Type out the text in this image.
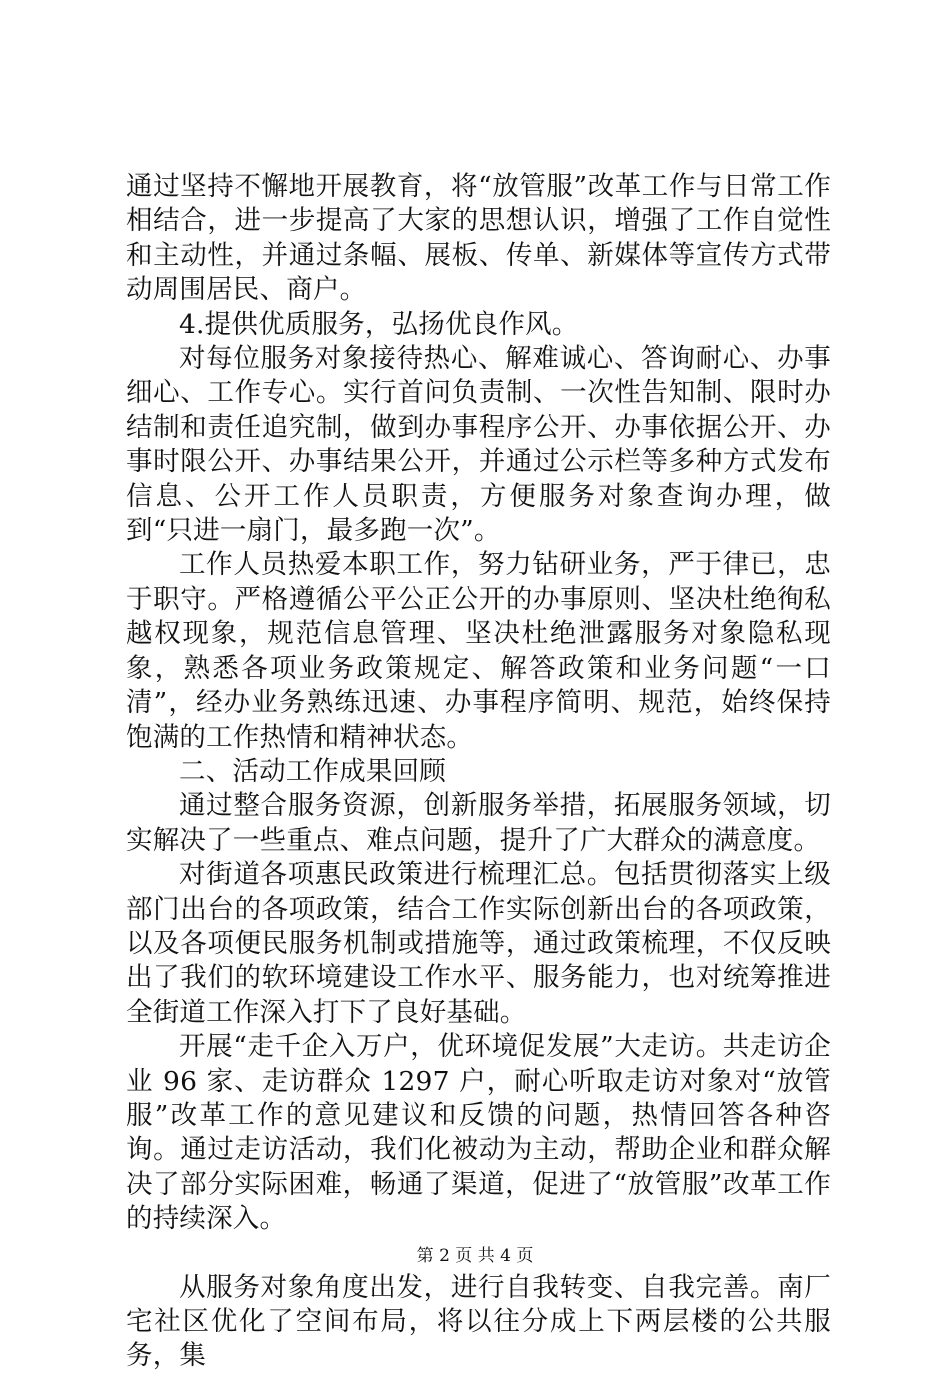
通过坚持不懈地开展教育，将“放管服”改革工作与日常工作相结合，进一步提高了大家的思想认识，增强了工作自觉性和主动性，并通过条幅、展板、传单、新媒体等宣传方式带动周围居民、商户。

4.提供优质服务，弘扬优良作风。

对每位服务对象接待热心、解难诚心、答询耐心、办事细心、工作专心。实行首问负责制、一次性告知制、限时办结制和责任追究制，做到办事程序公开、办事依据公开、办事时限公开、办事结果公开，并通过公示栏等多种方式发布信息、公开工作人员职责，方便服务对象查询办理，做到“只进一扇门，最多跑一次”。

工作人员热爱本职工作，努力钻研业务，严于律已，忠于职守。严格遵循公平公正公开的办事原则、坚决杜绝徇私越权现象，规范信息管理、坚决杜绝泄露服务对象隐私现象，熟悉各项业务政策规定、解答政策和业务问题“一口清”，经办业务熟练迅速、办事程序简明、规范，始终保持饱满的工作热情和精神状态。

二、活动工作成果回顾

通过整合服务资源，创新服务举措，拓展服务领域，切实解决了一些重点、难点问题，提升了广大群众的满意度。

对街道各项惠民政策进行梳理汇总。包括贯彻落实上级部门出台的各项政策，结合工作实际创新出台的各项政策，以及各项便民服务机制或措施等，通过政策梳理，不仅反映出了我们的软环境建设工作水平、服务能力，也对统筹推进全街道工作深入打下了良好基础。

开展“走千企入万户，优环境促发展”大走访。共走访企业 96 家、走访群众 1297 户，耐心听取走访对象对“放管服”改革工作的意见建议和反馈的问题，热情回答各种咨询。通过走访活动，我们化被动为主动，帮助企业和群众解决了部分实际困难，畅通了渠道，促进了“放管服”改革工作的持续深入。

从服务对象角度出发，进行自我转变、自我完善。南厂宅社区优化了空间布局，将以往分成上下两层楼的公共服务，集

第 2 页 共 4 页
